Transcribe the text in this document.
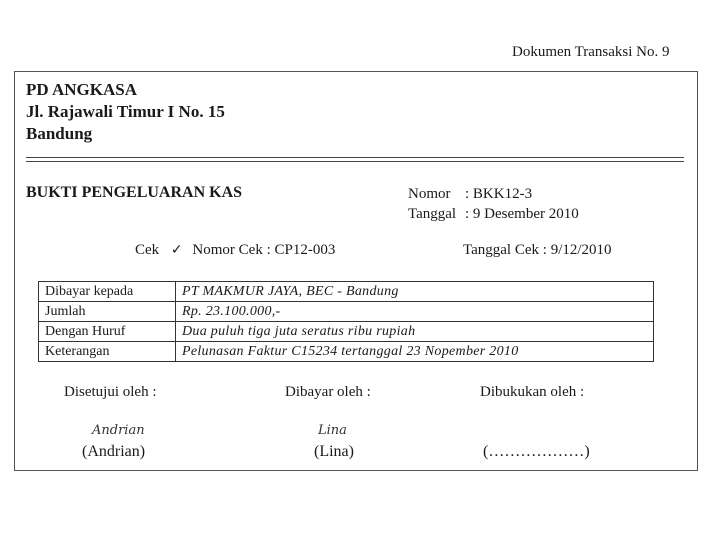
Dokumen Transaksi No. 9
PD ANGKASA
Jl. Rajawali Timur I No. 15
Bandung
BUKTI PENGELUARAN KAS	Nomor : BKK12-3
Tanggal : 9 Desember 2010
Cek ✓ Nomor Cek : CP12-003	Tanggal Cek : 9/12/2010
Dibayar kepada	PT MAKMUR JAYA, BEC - Bandung
Jumlah	Rp. 23.100.000,-
Dengan Huruf	Dua puluh tiga juta seratus ribu rupiah
Keterangan	Pelunasan Faktur C15234 tertanggal 23 Nopember 2010
Disetujui oleh :	Dibayar oleh :	Dibukukan oleh :
Andrian	Lina
(Andrian)	(Lina)	(………………)
